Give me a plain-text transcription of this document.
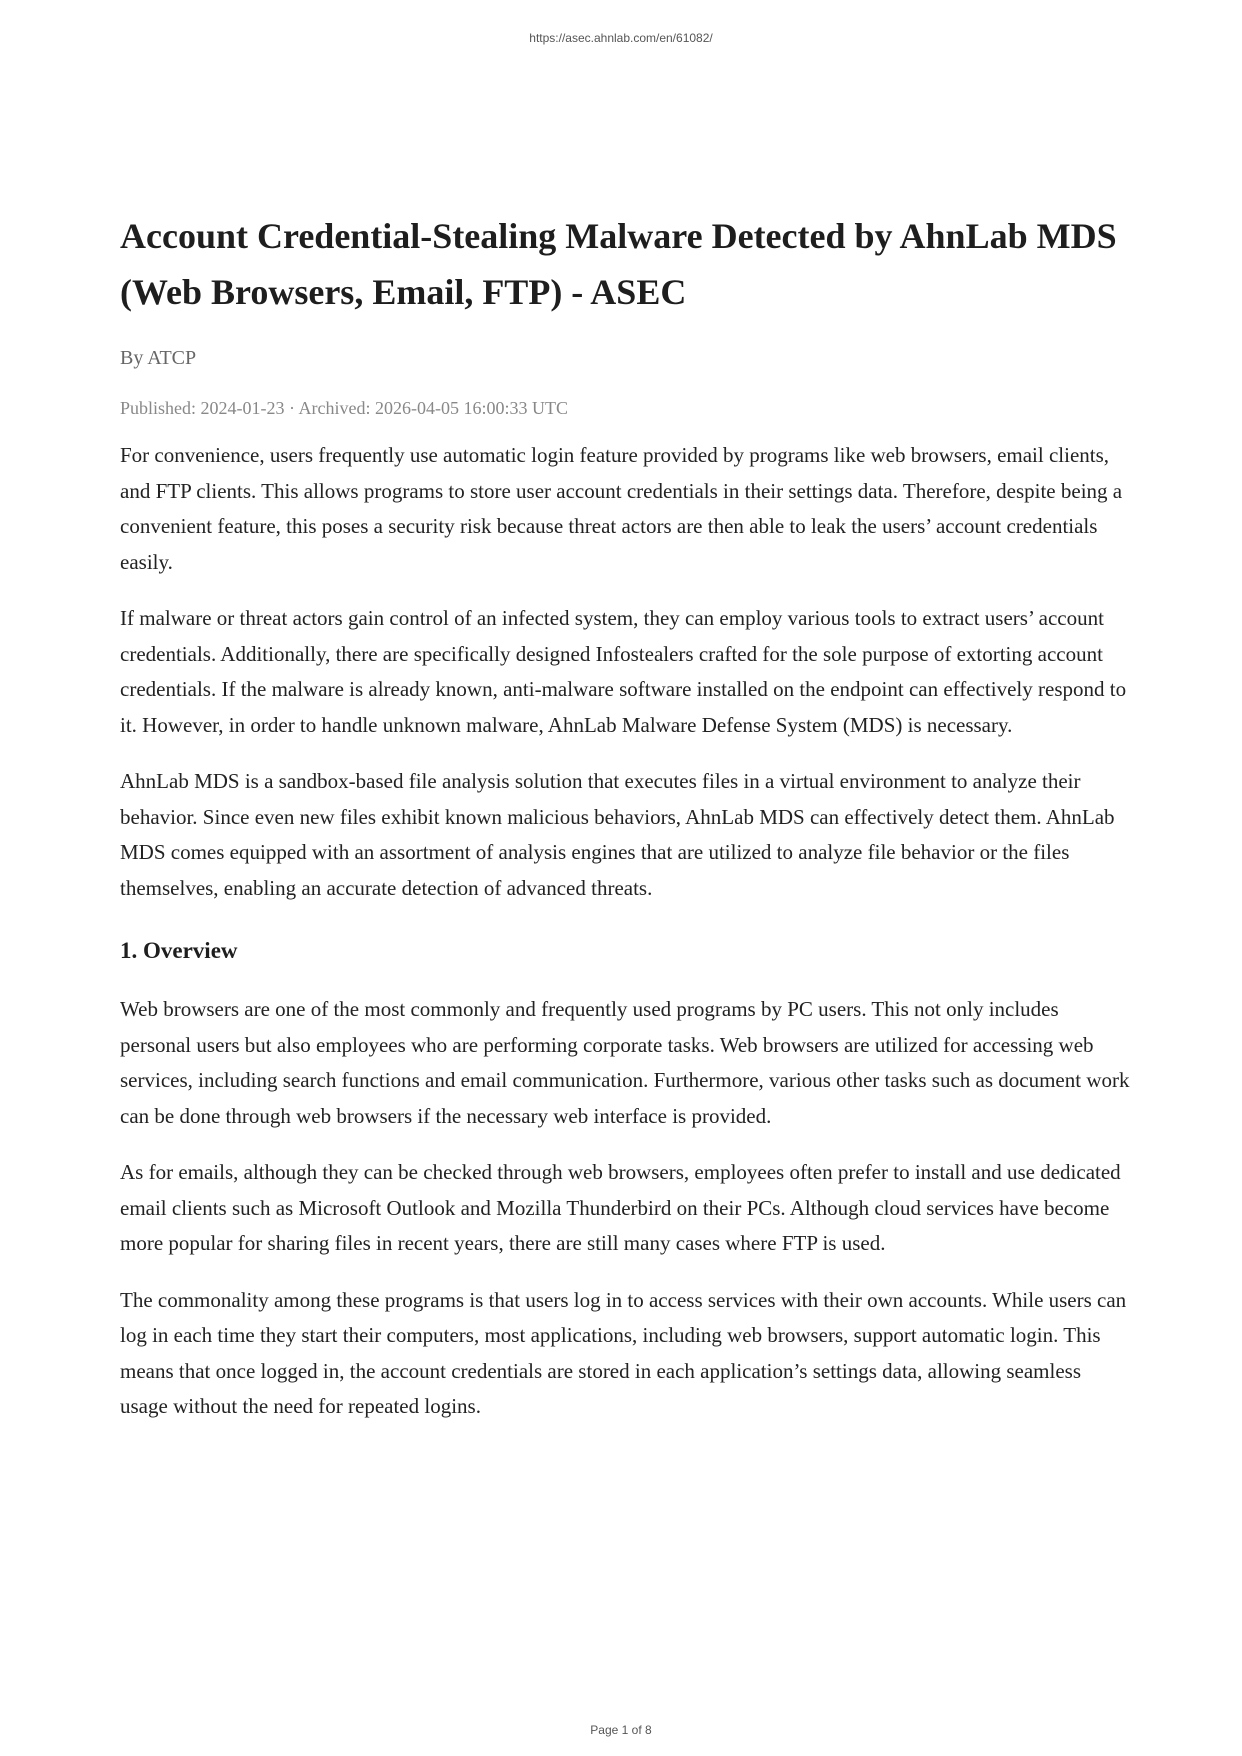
https://asec.ahnlab.com/en/61082/
Account Credential-Stealing Malware Detected by AhnLab MDS (Web Browsers, Email, FTP) - ASEC
By ATCP
Published: 2024-01-23 · Archived: 2026-04-05 16:00:33 UTC

For convenience, users frequently use automatic login feature provided by programs like web browsers, email clients, and FTP clients. This allows programs to store user account credentials in their settings data. Therefore, despite being a convenient feature, this poses a security risk because threat actors are then able to leak the users’ account credentials easily.

If malware or threat actors gain control of an infected system, they can employ various tools to extract users’ account credentials. Additionally, there are specifically designed Infostealers crafted for the sole purpose of extorting account credentials. If the malware is already known, anti-malware software installed on the endpoint can effectively respond to it. However, in order to handle unknown malware, AhnLab Malware Defense System (MDS) is necessary.

AhnLab MDS is a sandbox-based file analysis solution that executes files in a virtual environment to analyze their behavior. Since even new files exhibit known malicious behaviors, AhnLab MDS can effectively detect them. AhnLab MDS comes equipped with an assortment of analysis engines that are utilized to analyze file behavior or the files themselves, enabling an accurate detection of advanced threats.

1. Overview

Web browsers are one of the most commonly and frequently used programs by PC users. This not only includes personal users but also employees who are performing corporate tasks. Web browsers are utilized for accessing web services, including search functions and email communication. Furthermore, various other tasks such as document work can be done through web browsers if the necessary web interface is provided.

As for emails, although they can be checked through web browsers, employees often prefer to install and use dedicated email clients such as Microsoft Outlook and Mozilla Thunderbird on their PCs. Although cloud services have become more popular for sharing files in recent years, there are still many cases where FTP is used.

The commonality among these programs is that users log in to access services with their own accounts. While users can log in each time they start their computers, most applications, including web browsers, support automatic login. This means that once logged in, the account credentials are stored in each application’s settings data, allowing seamless usage without the need for repeated logins.

Page 1 of 8
